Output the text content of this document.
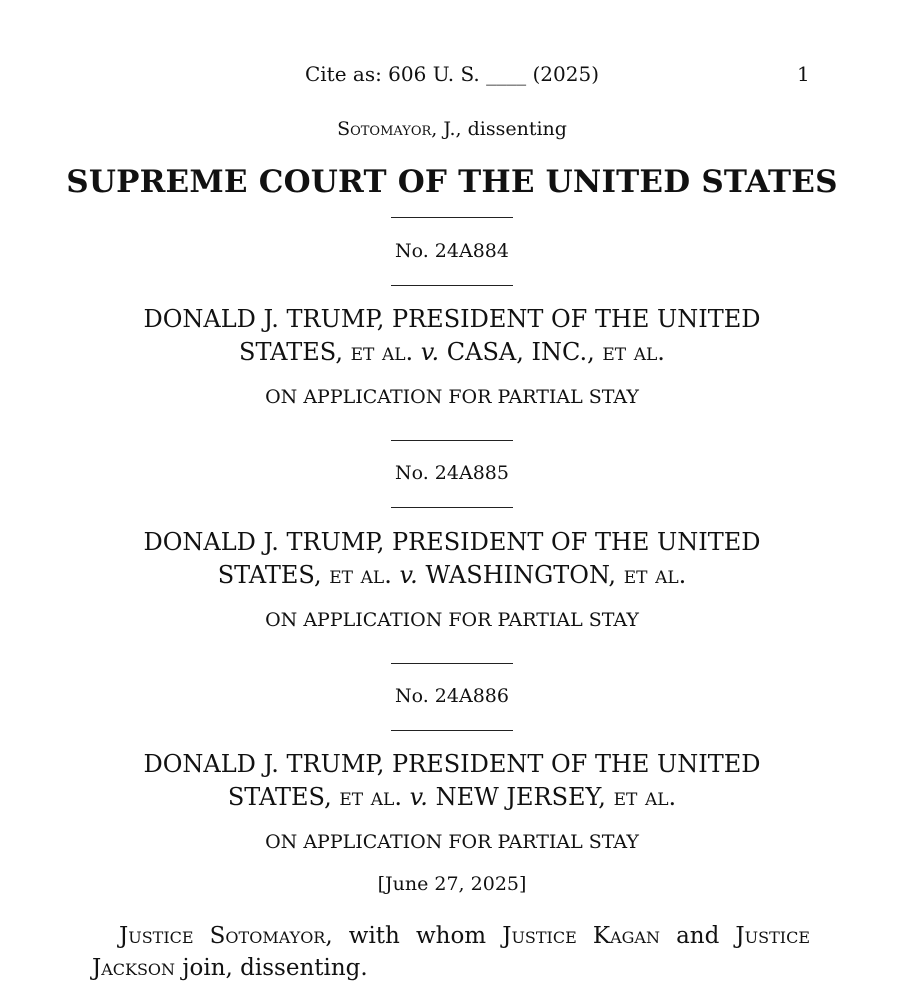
Cite as: 606 U. S. ____ (2025)	1
Sotomayor, J., dissenting
SUPREME COURT OF THE UNITED STATES
No. 24A884
DONALD J. TRUMP, PRESIDENT OF THE UNITED
STATES, et al. v. CASA, INC., et al.
ON APPLICATION FOR PARTIAL STAY
No. 24A885
DONALD J. TRUMP, PRESIDENT OF THE UNITED
STATES, et al. v. WASHINGTON, et al.
ON APPLICATION FOR PARTIAL STAY
No. 24A886
DONALD J. TRUMP, PRESIDENT OF THE UNITED
STATES, et al. v. NEW JERSEY, et al.
ON APPLICATION FOR PARTIAL STAY
[June 27, 2025]
Justice Sotomayor, with whom Justice Kagan and Justice Jackson join, dissenting.
